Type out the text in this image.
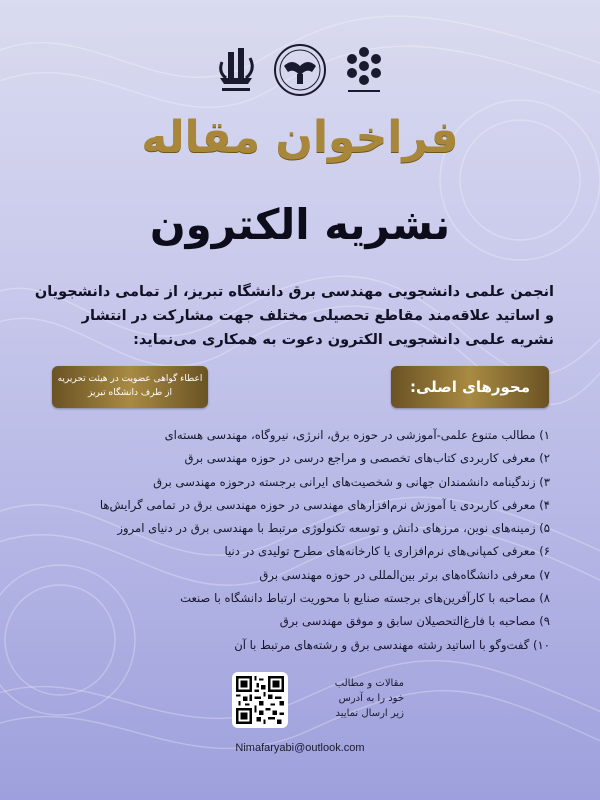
فراخوان مقاله
نشریه الکترون
انجمن علمی دانشجویی مهندسی برق دانشگاه تبریز، از تمامی دانشجویان و اساتید علاقه‌مند مقاطع تحصیلی مختلف جهت مشارکت در انتشار نشریه علمی دانشجویی الکترون دعوت به همکاری می‌نماید:
اعطاء گواهی عضویت در هیئت تحریریه
از طرف دانشگاه تبریز	محورهای اصلی:
۱) مطالب متنوع علمی-آموزشی در حوزه برق، انرژی، نیروگاه، مهندسی هسته‌ای
۲) معرفی کاربردی کتاب‌های تخصصی و مراجع درسی در حوزه مهندسی برق
۳) زندگینامه دانشمندان جهانی و شخصیت‌های ایرانی برجسته درحوزه مهندسی برق
۴) معرفی کاربردی یا آموزش نرم‌افزارهای مهندسی در حوزه مهندسی برق در تمامی گرایش‌ها
۵) زمینه‌های نوین، مرزهای دانش و توسعه تکنولوژی مرتبط با مهندسی برق در دنیای امروز
۶) معرفی کمپانی‌های نرم‌افزاری یا کارخانه‌های مطرح تولیدی در دنیا
۷) معرفی دانشگاه‌های برتر بین‌المللی در حوزه مهندسی برق
۸) مصاحبه با کارآفرین‌های برجسته صنایع با محوریت ارتباط دانشگاه با صنعت
۹) مصاحبه با فارغ‌التحصیلان سابق و موفق مهندسی برق
۱۰) گفت‌وگو با اساتید رشته مهندسی برق و رشته‌های مرتبط با آن
مقالات و مطالب
خود را به آدرس
زیر ارسال نمایید
Nimafaryabi@outlook.com
